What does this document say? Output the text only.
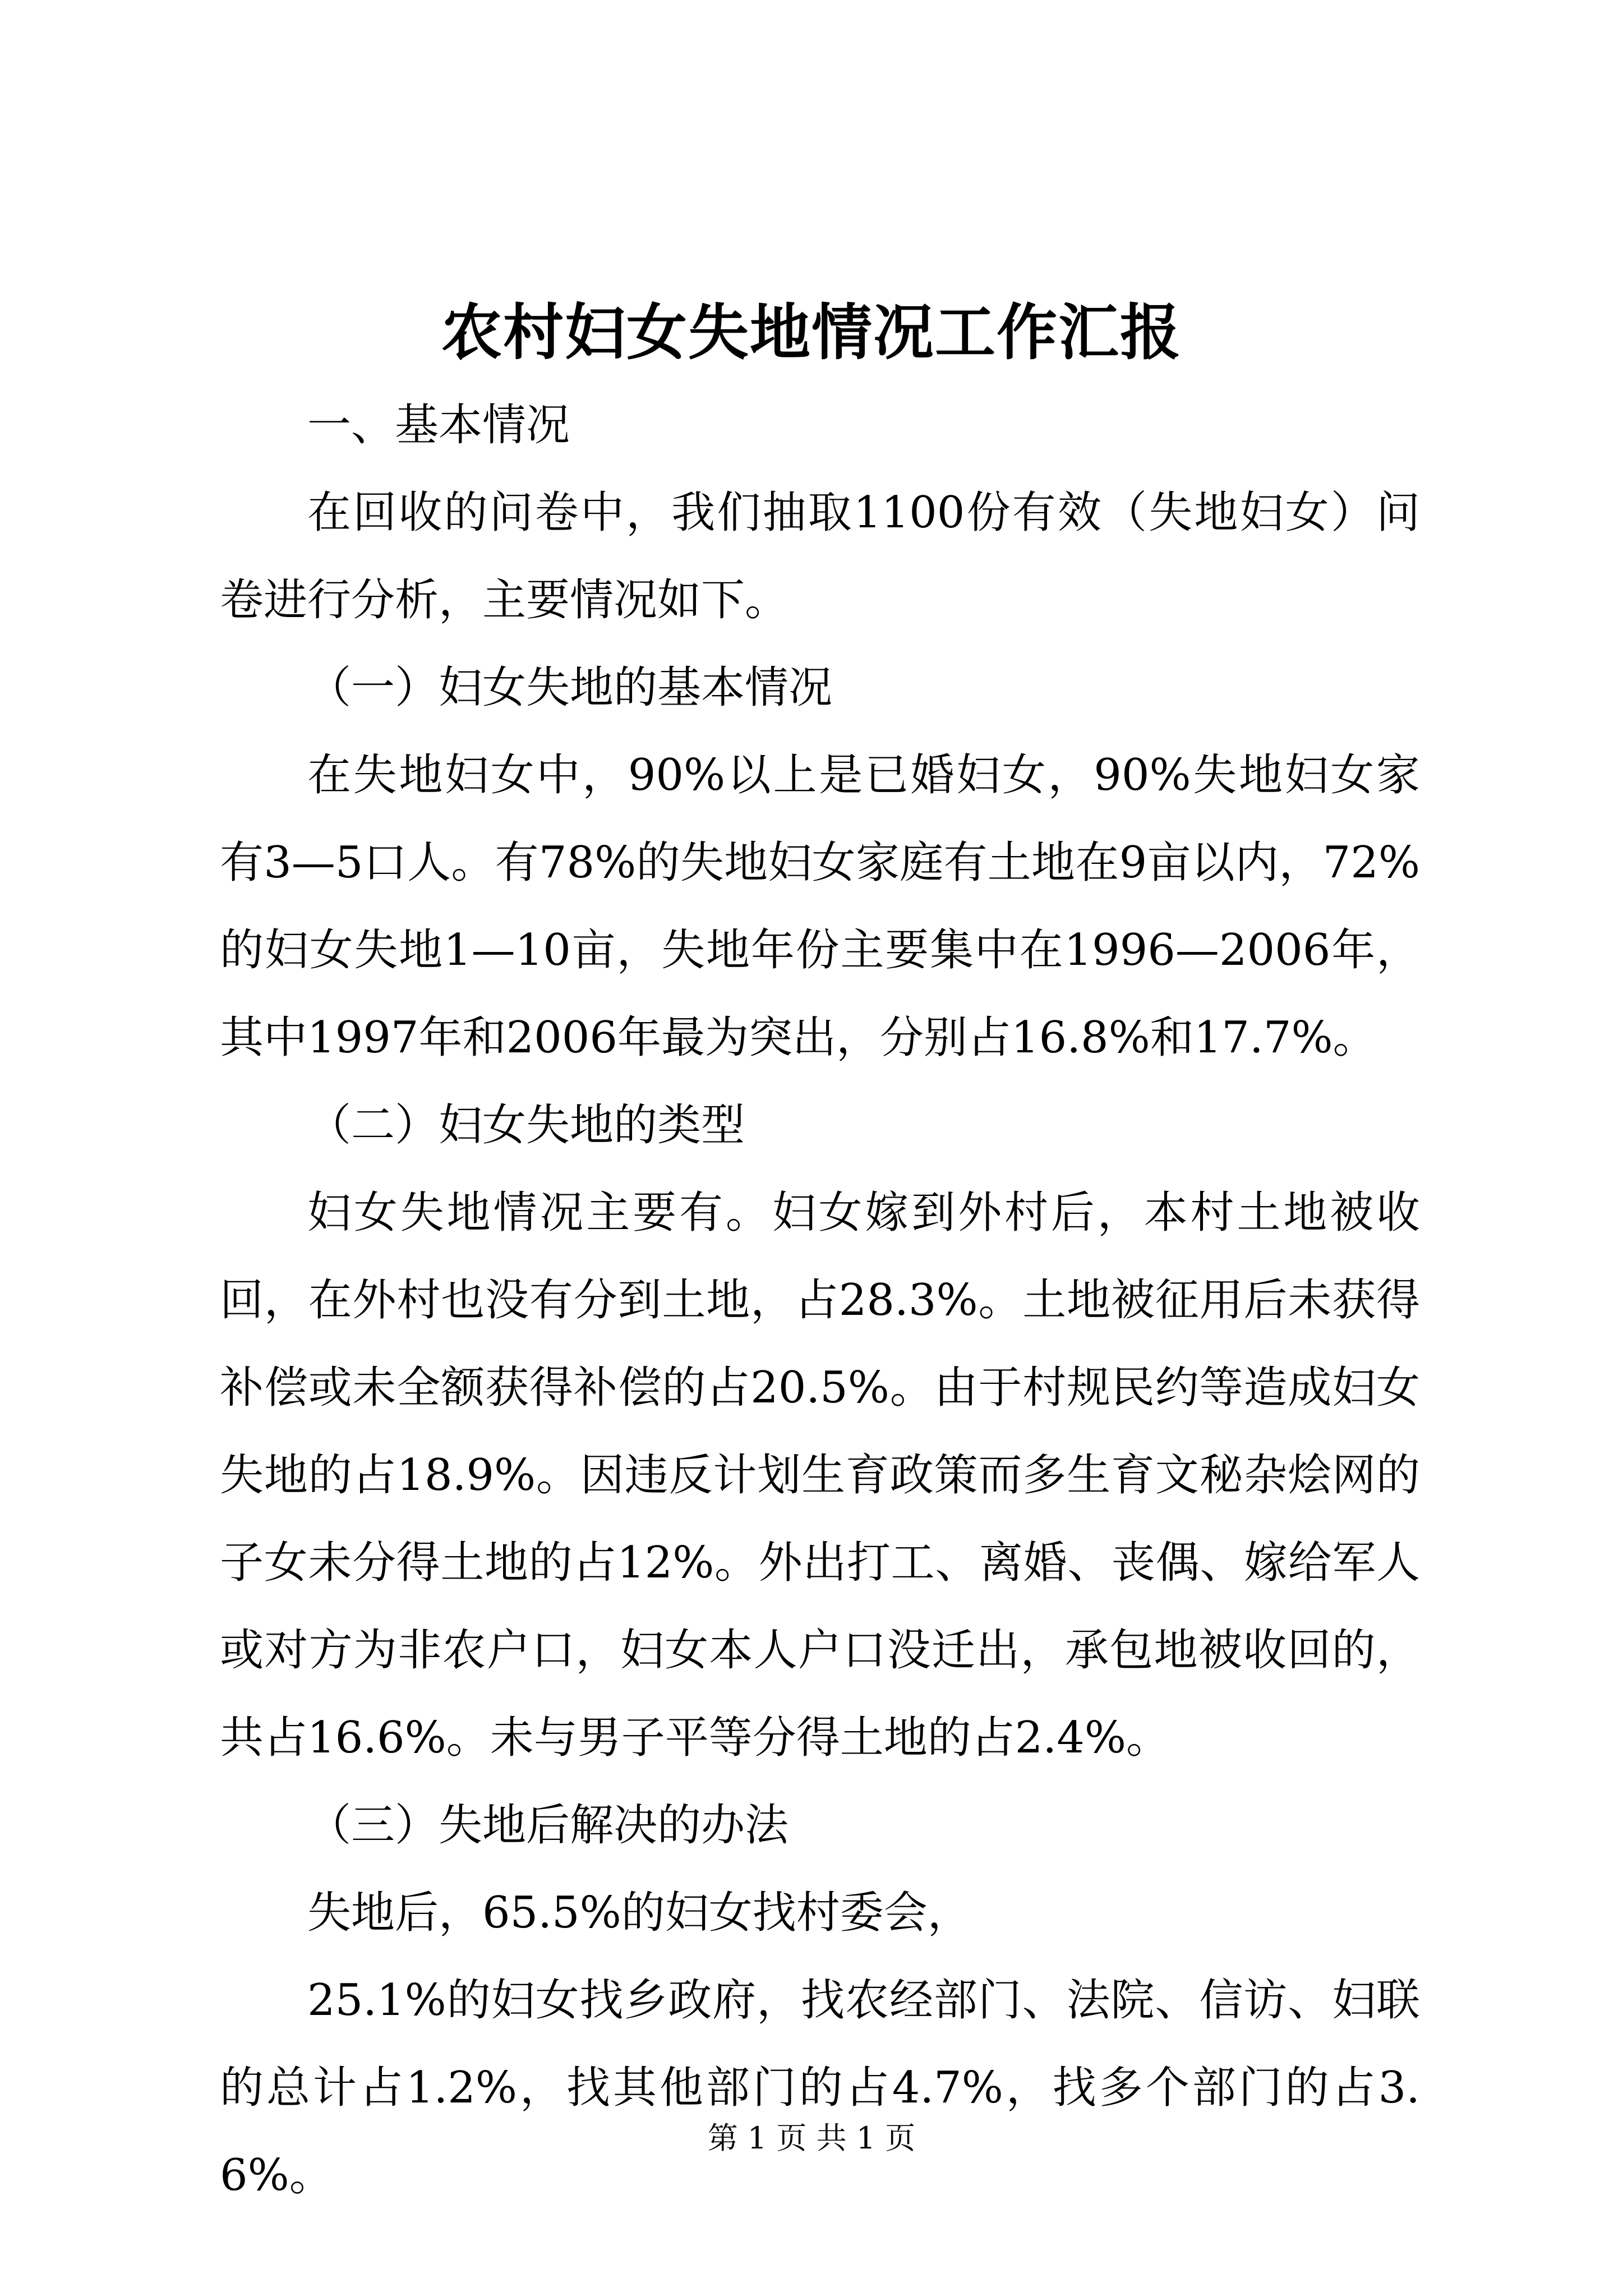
农村妇女失地情况工作汇报

一、基本情况

在回收的问卷中，我们抽取1100份有效（失地妇女）问卷进行分析，主要情况如下。

（一）妇女失地的基本情况

在失地妇女中，90%以上是已婚妇女，90%失地妇女家有3—5口人。有78%的失地妇女家庭有土地在9亩以内，72%的妇女失地1—10亩，失地年份主要集中在1996—2006年，其中1997年和2006年最为突出，分别占16.8%和17.7%。

（二）妇女失地的类型

妇女失地情况主要有。妇女嫁到外村后，本村土地被收回，在外村也没有分到土地，占28.3%。土地被征用后未获得补偿或未全额获得补偿的占20.5%。由于村规民约等造成妇女失地的占18.9%。因违反计划生育政策而多生育文秘杂烩网的子女未分得土地的占12%。外出打工、离婚、丧偶、嫁给军人或对方为非农户口，妇女本人户口没迁出，承包地被收回的，共占16.6%。未与男子平等分得土地的占2.4%。

（三）失地后解决的办法

失地后，65.5%的妇女找村委会，

25.1%的妇女找乡政府，找农经部门、法院、信访、妇联的总计占1.2%，找其他部门的占4.7%，找多个部门的占3.6%。

第 1 页 共 1 页
